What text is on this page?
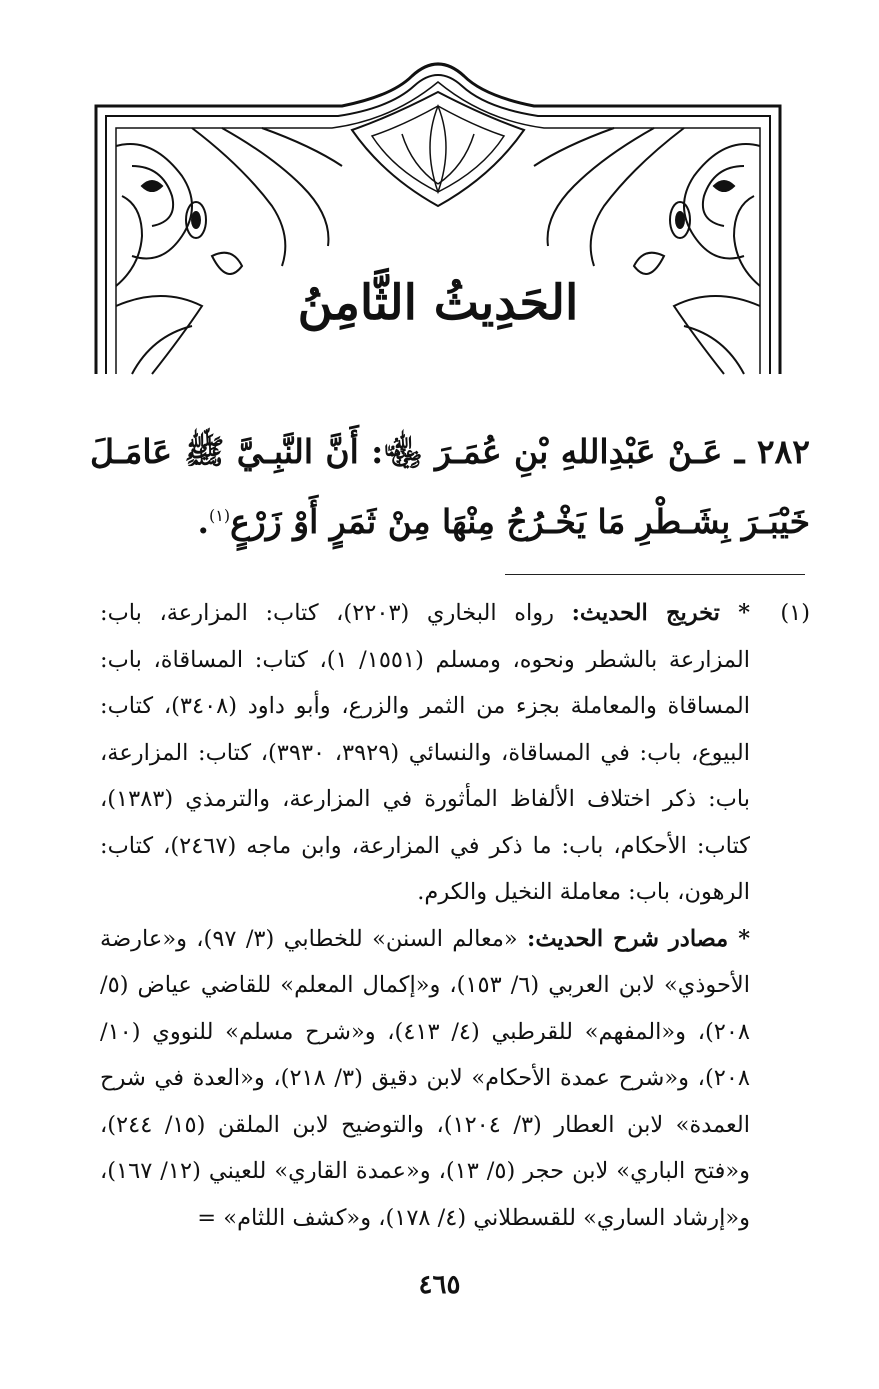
الحَدِيثُ الثَّامِنُ
٢٨٢ ـ عَـنْ عَبْدِاللهِ بْنِ عُمَـرَ ﵄: أَنَّ النَّبِـيَّ ﷺ عَامَـلَ خَيْبَـرَ بِشَـطْرِ مَا يَخْـرُجُ مِنْهَا مِنْ ثَمَرٍ أَوْ زَرْعٍ$^{(١)}$.
(١)
* تخريج الحديث: رواه البخاري (٢٢٠٣)، كتاب: المزارعة، باب: المزارعة بالشطر ونحوه، ومسلم (١٥٥١/ ١)، كتاب: المساقاة، باب: المساقاة والمعاملة بجزء من الثمر والزرع، وأبو داود (٣٤٠٨)، كتاب: البيوع، باب: في المساقاة، والنسائي (٣٩٢٩، ٣٩٣٠)، كتاب: المزارعة، باب: ذكر اختلاف الألفاظ المأثورة في المزارعة، والترمذي (١٣٨٣)، كتاب: الأحكام، باب: ما ذكر في المزارعة، وابن ماجه (٢٤٦٧)، كتاب: الرهون، باب: معاملة النخيل والكرم.
* مصادر شرح الحديث: «معالم السنن» للخطابي (٣/ ٩٧)، و«عارضة الأحوذي» لابن العربي (٦/ ١٥٣)، و«إكمال المعلم» للقاضي عياض (٥/ ٢٠٨)، و«المفهم» للقرطبي (٤/ ٤١٣)، و«شرح مسلم» للنووي (١٠/ ٢٠٨)، و«شرح عمدة الأحكام» لابن دقيق (٣/ ٢١٨)، و«العدة في شرح العمدة» لابن العطار (٣/ ١٢٠٤)، والتوضيح لابن الملقن (١٥/ ٢٤٤)، و«فتح الباري» لابن حجر (٥/ ١٣)، و«عمدة القاري» للعيني (١٢/ ١٦٧)، و«إرشاد الساري» للقسطلاني (٤/ ١٧٨)، و«كشف اللثام» =
٤٦٥
